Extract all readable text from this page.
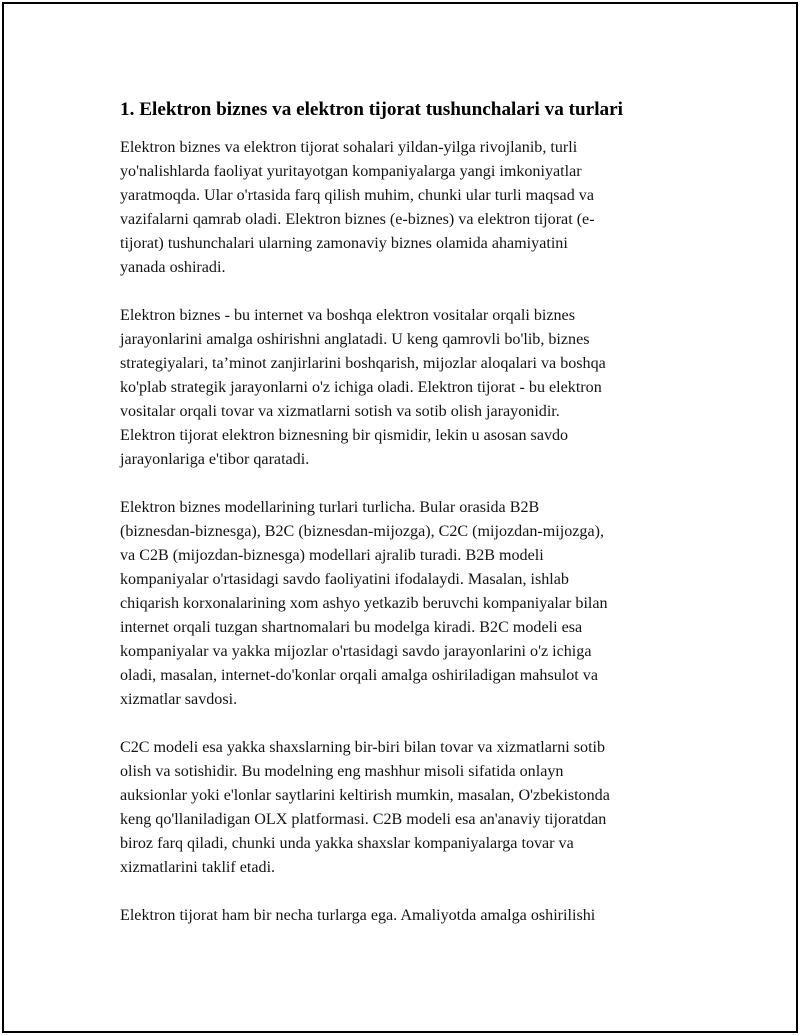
1. Elektron biznes va elektron tijorat tushunchalari va turlari

Elektron biznes va elektron tijorat sohalari yildan-yilga rivojlanib, turli
yo'nalishlarda faoliyat yuritayotgan kompaniyalarga yangi imkoniyatlar
yaratmoqda. Ular o'rtasida farq qilish muhim, chunki ular turli maqsad va
vazifalarni qamrab oladi. Elektron biznes (e-biznes) va elektron tijorat (e-
tijorat) tushunchalari ularning zamonaviy biznes olamida ahamiyatini
yanada oshiradi.

Elektron biznes - bu internet va boshqa elektron vositalar orqali biznes
jarayonlarini amalga oshirishni anglatadi. U keng qamrovli bo'lib, biznes
strategiyalari, ta’minot zanjirlarini boshqarish, mijozlar aloqalari va boshqa
ko'plab strategik jarayonlarni o'z ichiga oladi. Elektron tijorat - bu elektron
vositalar orqali tovar va xizmatlarni sotish va sotib olish jarayonidir.
Elektron tijorat elektron biznesning bir qismidir, lekin u asosan savdo
jarayonlariga e'tibor qaratadi.

Elektron biznes modellarining turlari turlicha. Bular orasida B2B
(biznesdan-biznesga), B2C (biznesdan-mijozga), C2C (mijozdan-mijozga),
va C2B (mijozdan-biznesga) modellari ajralib turadi. B2B modeli
kompaniyalar o'rtasidagi savdo faoliyatini ifodalaydi. Masalan, ishlab
chiqarish korxonalarining xom ashyo yetkazib beruvchi kompaniyalar bilan
internet orqali tuzgan shartnomalari bu modelga kiradi. B2C modeli esa
kompaniyalar va yakka mijozlar o'rtasidagi savdo jarayonlarini o'z ichiga
oladi, masalan, internet-do'konlar orqali amalga oshiriladigan mahsulot va
xizmatlar savdosi.

C2C modeli esa yakka shaxslarning bir-biri bilan tovar va xizmatlarni sotib
olish va sotishidir. Bu modelning eng mashhur misoli sifatida onlayn
auksionlar yoki e'lonlar saytlarini keltirish mumkin, masalan, O'zbekistonda
keng qo'llaniladigan OLX platformasi. C2B modeli esa an'anaviy tijoratdan
biroz farq qiladi, chunki unda yakka shaxslar kompaniyalarga tovar va
xizmatlarini taklif etadi.

Elektron tijorat ham bir necha turlarga ega. Amaliyotda amalga oshirilishi
